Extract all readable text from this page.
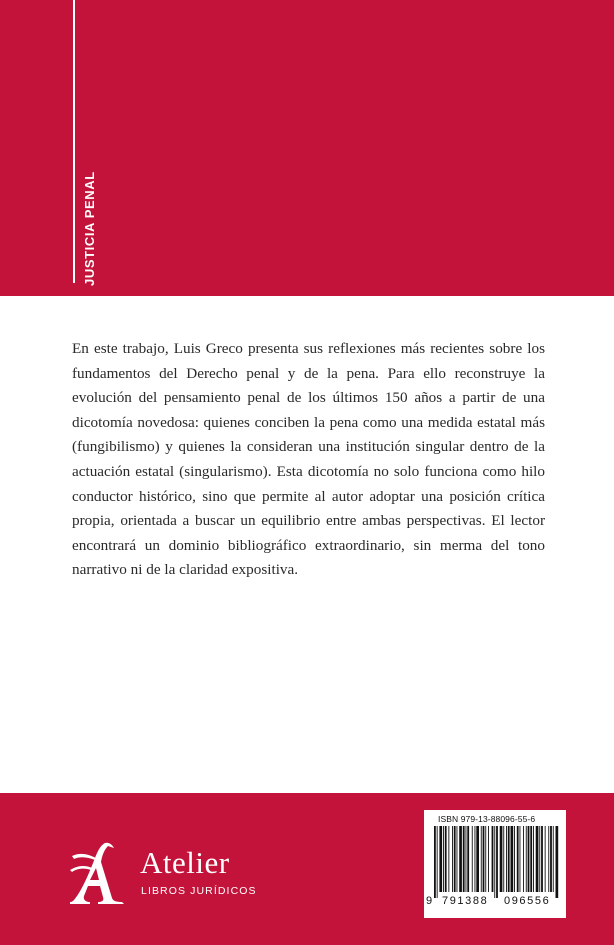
JUSTICIA PENAL

En este trabajo, Luis Greco presenta sus reflexiones más recientes sobre los fundamentos del Derecho penal y de la pena. Para ello reconstruye la evolución del pensamiento penal de los últimos 150 años a partir de una dicotomía novedosa: quienes conciben la pena como una medida estatal más (fungibilismo) y quienes la consideran una institución singular dentro de la actuación estatal (singularismo). Esta dicotomía no solo funciona como hilo conductor histórico, sino que permite al autor adoptar una posición crítica propia, orientada a buscar un equilibrio entre ambas perspectivas. El lector encontrará un dominio bibliográfico extraordinario, sin merma del tono narrativo ni de la claridad expositiva.

Atelier
LIBROS JURÍDICOS
ISBN 979-13-88096-55-6
9 791388 096556
